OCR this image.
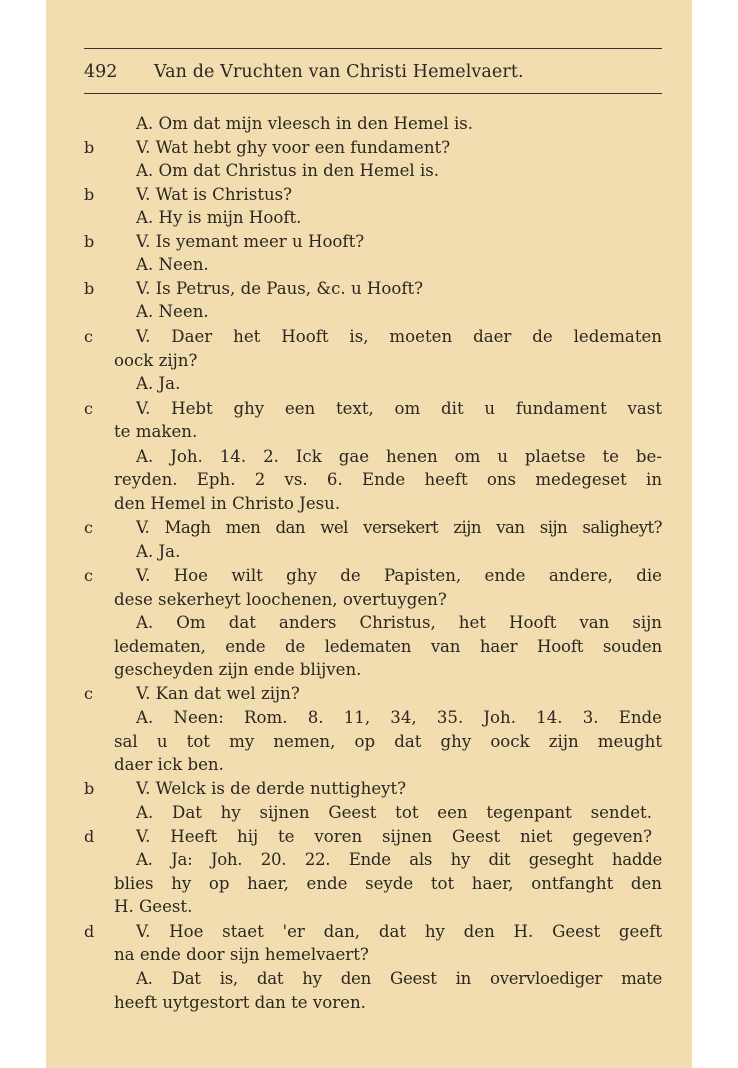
492 Van de Vruchten van Christi Hemelvaert.
A. Om dat mijn vleesch in den Hemel is.
b	V. Wat hebt ghy voor een fundament?
A. Om dat Christus in den Hemel is.
b	V. Wat is Christus?
A. Hy is mijn Hooft.
b	V. Is yemant meer u Hooft?
A. Neen.
b	V. Is Petrus, de Paus, &c. u Hooft?
A. Neen.
c	V. Daer het Hooft is, moeten daer de ledematen
oock zijn?
A. Ja.
c	V. Hebt ghy een text, om dit u fundament vast
te maken.
A. Joh. 14. 2. Ick gae henen om u plaetse te be-
reyden. Eph. 2 vs. 6. Ende heeft ons medegeset in
den Hemel in Christo Jesu.
c	V. Magh men dan wel versekert zijn van sijn saligheyt?
A. Ja.
c	V. Hoe wilt ghy de Papisten, ende andere, die
dese sekerheyt loochenen, overtuygen?
A. Om dat anders Christus, het Hooft van sijn
ledematen, ende de ledematen van haer Hooft souden
gescheyden zijn ende blijven.
c	V. Kan dat wel zijn?
A. Neen: Rom. 8. 11, 34, 35. Joh. 14. 3. Ende
sal u tot my nemen, op dat ghy oock zijn meught
daer ick ben.
b	V. Welck is de derde nuttigheyt?
A. Dat hy sijnen Geest tot een tegenpant sendet.
d	V. Heeft hij te voren sijnen Geest niet gegeven?
A. Ja: Joh. 20. 22. Ende als hy dit geseght hadde
blies hy op haer, ende seyde tot haer, ontfanght den
H. Geest.
d	V. Hoe staet 'er dan, dat hy den H. Geest geeft
na ende door sijn hemelvaert?
A. Dat is, dat hy den Geest in overvloediger mate
heeft uytgestort dan te voren.
